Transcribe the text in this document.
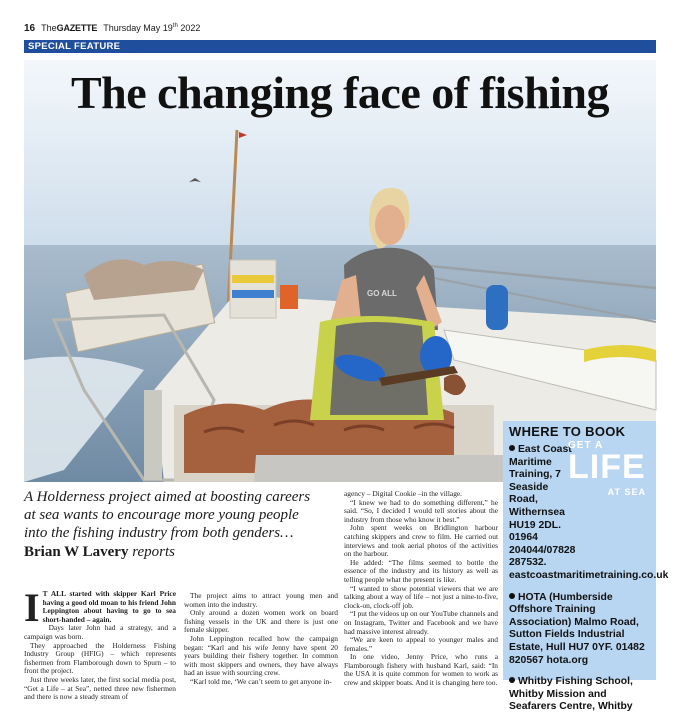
16 TheGAZETTE Thursday May 19th 2022
SPECIAL FEATURE
GO ALL
The changing face of fishing
A Holderness project aimed at boosting careers at sea wants to encourage more young people into the fishing industry from both genders…
Brian W Lavery reports

I T ALL started with skipper Karl Price having a good old moan to his friend John Leppington about having to go to sea short-handed – again.

Days later John had a strategy, and a campaign was born.

They approached the Holderness Fishing Industry Group (HFIG) – which represents fishermen from Flamborough down to Spurn – to front the project.

Just three weeks later, the first social media post, “Get a Life – at Sea”, netted three new fishermen and there is now a steady stream of

The project aims to attract young men and women into the industry.

Only around a dozen women work on board fishing vessels in the UK and there is just one female skipper.

John Leppington recalled how the campaign began: “Karl and his wife Jenny have spent 20 years building their fishery together. In common with most skippers and owners, they have always had an issue with sourcing crew.

“Karl told me, ‘We can’t seem to get anyone in-

agency – Digital Cookie –in the village.

“I knew we had to do something different,” he said. “So, I decided I would tell stories about the industry from those who know it best.”

John spent weeks on Bridlington harbour catching skippers and crew to film. He carried out interviews and took aerial photos of the activities on the harbour.

He added: “The films seemed to bottle the essence of the industry and its history as well as telling people what the present is like.

“I wanted to show potential viewers that we are talking about a way of life – not just a nine-to-five, clock-on, clock-off job.

“I put the videos up on our YouTube channels and on Instagram, Twitter and Facebook and we have had massive interest already.

“We are keen to appeal to younger males and females.”

In one video, Jenny Price, who runs a Flamborough fishery with husband Karl, said: “In the USA it is quite common for women to work as crew and skipper boats. And it is changing here too.

WHERE TO BOOK
East Coast Maritime Training, 7 Seaside Road, Withernsea HU19 2DL. 01964 204044/07828 287532. eastcoastmaritimetraining.co.uk
HOTA (Humberside Offshore Training Association) Malmo Road, Sutton Fields Industrial Estate, Hull HU7 0YF. 01482 820567 hota.org
Whitby Fishing School, Whitby Mission and Seafarers Centre, Whitby
GET A
LIFE
AT SEA
